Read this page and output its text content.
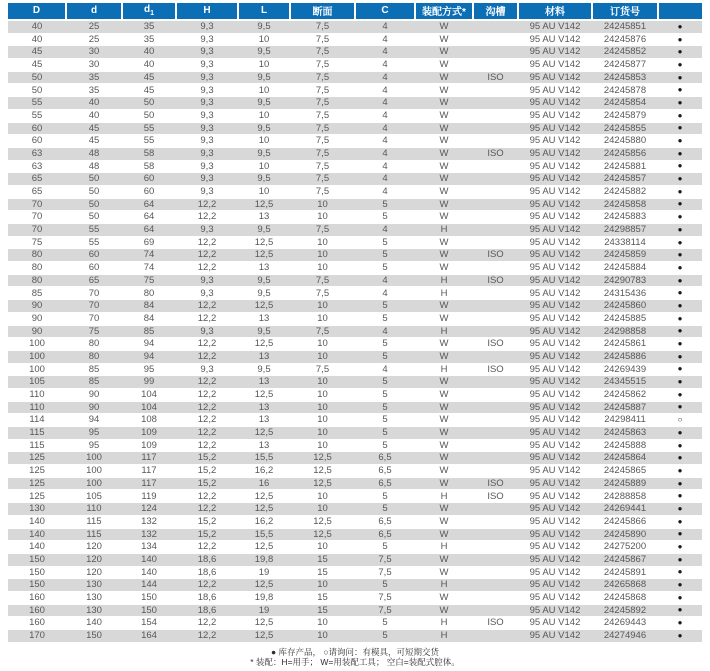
D	d	$d_1$	H	L	断面	C	装配方式*	沟槽	材料	订货号	
40	25	35	9,3	9,5	7,5	4	W		95 AU V142	24245851	●
40	25	35	9,3	10	7,5	4	W		95 AU V142	24245876	●
45	30	40	9,3	9,5	7,5	4	W		95 AU V142	24245852	●
45	30	40	9,3	10	7,5	4	W		95 AU V142	24245877	●
50	35	45	9,3	9,5	7,5	4	W	ISO	95 AU V142	24245853	●
50	35	45	9,3	10	7,5	4	W		95 AU V142	24245878	●
55	40	50	9,3	9,5	7,5	4	W		95 AU V142	24245854	●
55	40	50	9,3	10	7,5	4	W		95 AU V142	24245879	●
60	45	55	9,3	9,5	7,5	4	W		95 AU V142	24245855	●
60	45	55	9,3	10	7,5	4	W		95 AU V142	24245880	●
63	48	58	9,3	9,5	7,5	4	W	ISO	95 AU V142	24245856	●
63	48	58	9,3	10	7,5	4	W		95 AU V142	24245881	●
65	50	60	9,3	9,5	7,5	4	W		95 AU V142	24245857	●
65	50	60	9,3	10	7,5	4	W		95 AU V142	24245882	●
70	50	64	12,2	12,5	10	5	W		95 AU V142	24245858	●
70	50	64	12,2	13	10	5	W		95 AU V142	24245883	●
70	55	64	9,3	9,5	7,5	4	H		95 AU V142	24298857	●
75	55	69	12,2	12,5	10	5	W		95 AU V142	24338114	●
80	60	74	12,2	12,5	10	5	W	ISO	95 AU V142	24245859	●
80	60	74	12,2	13	10	5	W		95 AU V142	24245884	●
80	65	75	9,3	9,5	7,5	4	H	ISO	95 AU V142	24290783	●
85	70	80	9,3	9,5	7,5	4	H		95 AU V142	24315436	●
90	70	84	12,2	12,5	10	5	W		95 AU V142	24245860	●
90	70	84	12,2	13	10	5	W		95 AU V142	24245885	●
90	75	85	9,3	9,5	7,5	4	H		95 AU V142	24298858	●
100	80	94	12,2	12,5	10	5	W	ISO	95 AU V142	24245861	●
100	80	94	12,2	13	10	5	W		95 AU V142	24245886	●
100	85	95	9,3	9,5	7,5	4	H	ISO	95 AU V142	24269439	●
105	85	99	12,2	13	10	5	W		95 AU V142	24345515	●
110	90	104	12,2	12,5	10	5	W		95 AU V142	24245862	●
110	90	104	12,2	13	10	5	W		95 AU V142	24245887	●
114	94	108	12,2	13	10	5	W		95 AU V142	24298411	○
115	95	109	12,2	12,5	10	5	W		95 AU V142	24245863	●
115	95	109	12,2	13	10	5	W		95 AU V142	24245888	●
125	100	117	15,2	15,5	12,5	6,5	W		95 AU V142	24245864	●
125	100	117	15,2	16,2	12,5	6,5	W		95 AU V142	24245865	●
125	100	117	15,2	16	12,5	6,5	W	ISO	95 AU V142	24245889	●
125	105	119	12,2	12,5	10	5	H	ISO	95 AU V142	24288858	●
130	110	124	12,2	12,5	10	5	W		95 AU V142	24269441	●
140	115	132	15,2	16,2	12,5	6,5	W		95 AU V142	24245866	●
140	115	132	15,2	15,5	12,5	6,5	W		95 AU V142	24245890	●
140	120	134	12,2	12,5	10	5	H		95 AU V142	24275200	●
150	120	140	18,6	19,8	15	7,5	W		95 AU V142	24245867	●
150	120	140	18,6	19	15	7,5	W		95 AU V142	24245891	●
150	130	144	12,2	12,5	10	5	H		95 AU V142	24265868	●
160	130	150	18,6	19,8	15	7,5	W		95 AU V142	24245868	●
160	130	150	18,6	19	15	7,5	W		95 AU V142	24245892	●
160	140	154	12,2	12,5	10	5	H	ISO	95 AU V142	24269443	●
170	150	164	12,2	12,5	10	5	H		95 AU V142	24274946	●
● 库存产品， ○请询问：有模具，可短期交货
* 装配：H=用手； W=用装配工具； 空白=装配式腔体。
